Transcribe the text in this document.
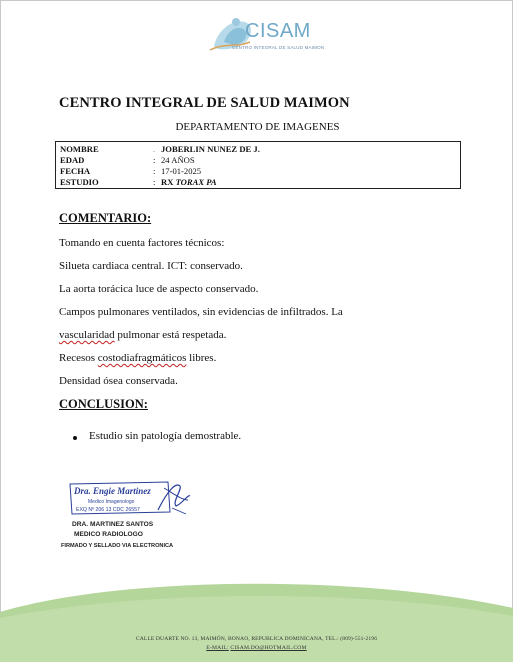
CISAM
CENTRO INTEGRAL DE SALUD MAIMON
CENTRO INTEGRAL DE SALUD MAIMON
DEPARTAMENTO DE IMAGENES
NOMBRE	. JOBERLIN NUNEZ DE J.
EDAD	: 24 AÑOS
FECHA	: 17-01-2025
ESTUDIO	: RX TORAX PA
COMENTARIO:
Tomando en cuenta factores técnicos:
Silueta cardiaca central. ICT: conservado.
La aorta torácica luce de aspecto conservado.
Campos pulmonares ventilados, sin evidencias de infiltrados. La
vascularidad pulmonar está respetada.
Recesos costodiafragmáticos libres.
Densidad ósea conservada.
CONCLUSION:
Estudio sin patología demostrable.
Dra. Engie Martinez
Medico Imagenologo
EXQ Nº 206 13 CDC 26557
DRA. MARTINEZ SANTOS
MEDICO RADIOLOGO
FIRMADO Y SELLADO VIA ELECTRONICA
CALLE DUARTE NO. 13, MAIMÓN, BONAO, REPUBLICA DOMINICANA, TEL.: (809)-551-2196
E-MAIL: CISAM.DO@HOTMAIL.COM
